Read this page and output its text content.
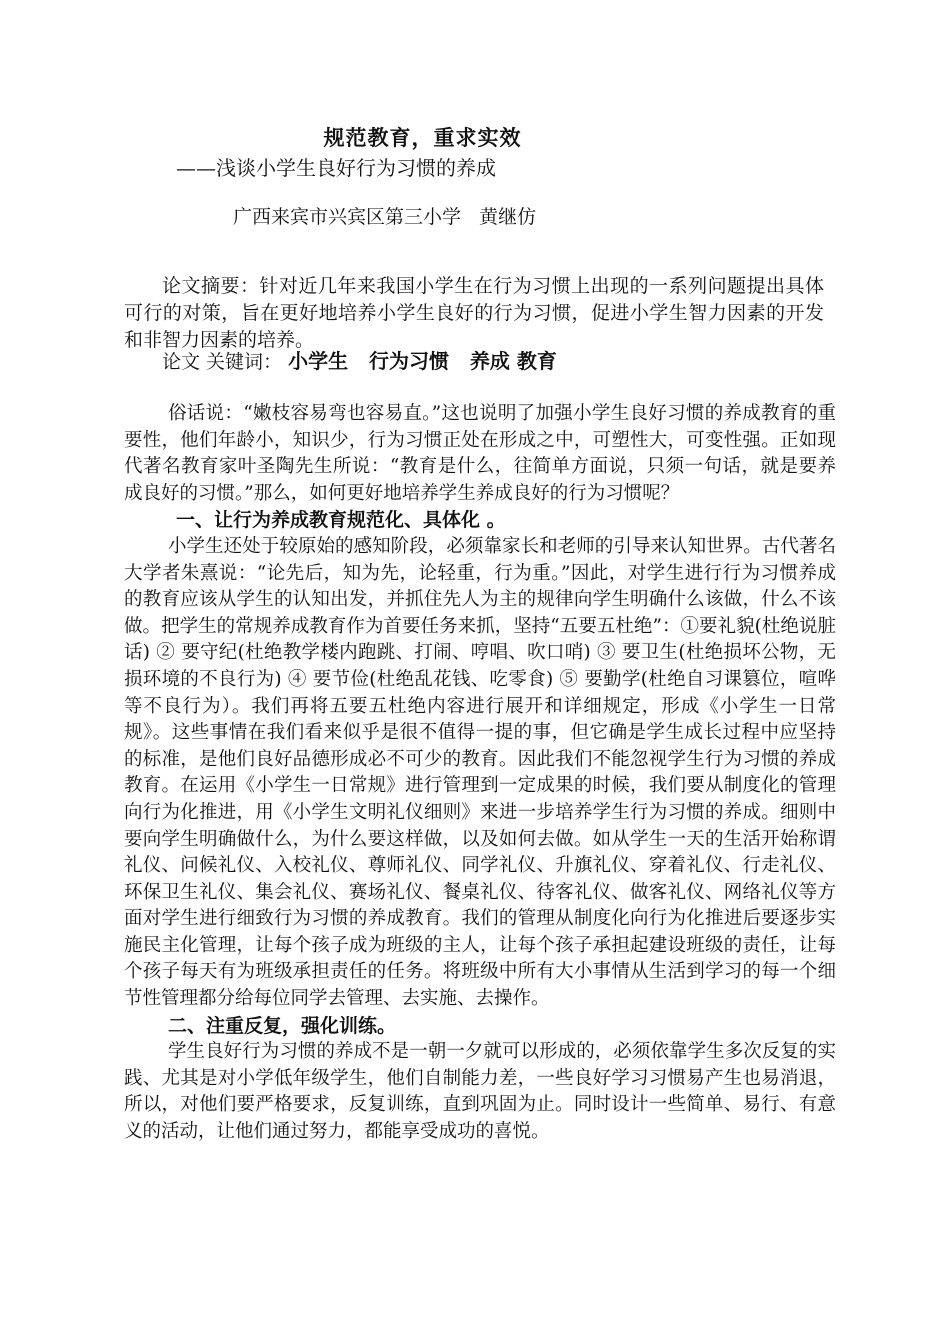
规范教育，重求实效
——浅谈小学生良好行为习惯的养成
广西来宾市兴宾区第三小学   黄继仿
论文摘要：针对近几年来我国小学生在行为习惯上出现的一系列问题提出具体可行的对策，旨在更好地培养小学生良好的行为习惯，促进小学生智力因素的开发和非智力因素的培养。
论文 关键词： 小学生   行为习惯   养成 教育

俗话说：“嫩枝容易弯也容易直。”这也说明了加强小学生良好习惯的养成教育的重要性，他们年龄小，知识少，行为习惯正处在形成之中，可塑性大，可变性强。正如现代著名教育家叶圣陶先生所说：“教育是什么，往简单方面说，只须一句话，就是要养成良好的习惯。”那么，如何更好地培养学生养成良好的行为习惯呢？

一、让行为养成教育规范化、具体化 。

小学生还处于较原始的感知阶段，必须靠家长和老师的引导来认知世界。古代著名大学者朱熹说：“论先后，知为先，论轻重，行为重。”因此，对学生进行行为习惯养成的教育应该从学生的认知出发，并抓住先人为主的规律向学生明确什么该做，什么不该做。把学生的常规养成教育作为首要任务来抓，坚持“五要五杜绝”：①要礼貌(杜绝说脏话) ② 要守纪(杜绝教学楼内跑跳、打闹、哼唱、吹口哨) ③ 要卫生(杜绝损坏公物，无损环境的不良行为) ④ 要节俭(杜绝乱花钱、吃零食) ⑤ 要勤学(杜绝自习课篡位，喧哗等不良行为）。我们再将五要五杜绝内容进行展开和详细规定，形成《小学生一日常规》。这些事情在我们看来似乎是很不值得一提的事，但它确是学生成长过程中应坚持的标准，是他们良好品德形成必不可少的教育。因此我们不能忽视学生行为习惯的养成教育。在运用《小学生一日常规》进行管理到一定成果的时候，我们要从制度化的管理向行为化推进，用《小学生文明礼仪细则》来进一步培养学生行为习惯的养成。细则中要向学生明确做什么，为什么要这样做，以及如何去做。如从学生一天的生活开始称谓礼仪、问候礼仪、入校礼仪、尊师礼仪、同学礼仪、升旗礼仪、穿着礼仪、行走礼仪、环保卫生礼仪、集会礼仪、赛场礼仪、餐桌礼仪、待客礼仪、做客礼仪、网络礼仪等方面对学生进行细致行为习惯的养成教育。我们的管理从制度化向行为化推进后要逐步实施民主化管理，让每个孩子成为班级的主人，让每个孩子承担起建设班级的责任，让每个孩子每天有为班级承担责任的任务。将班级中所有大小事情从生活到学习的每一个细节性管理都分给每位同学去管理、去实施、去操作。

二、注重反复，强化训练。

学生良好行为习惯的养成不是一朝一夕就可以形成的，必须依靠学生多次反复的实践、尤其是对小学低年级学生，他们自制能力差，一些良好学习习惯易产生也易消退，所以，对他们要严格要求，反复训练，直到巩固为止。同时设计一些简单、易行、有意义的活动，让他们通过努力，都能享受成功的喜悦。
